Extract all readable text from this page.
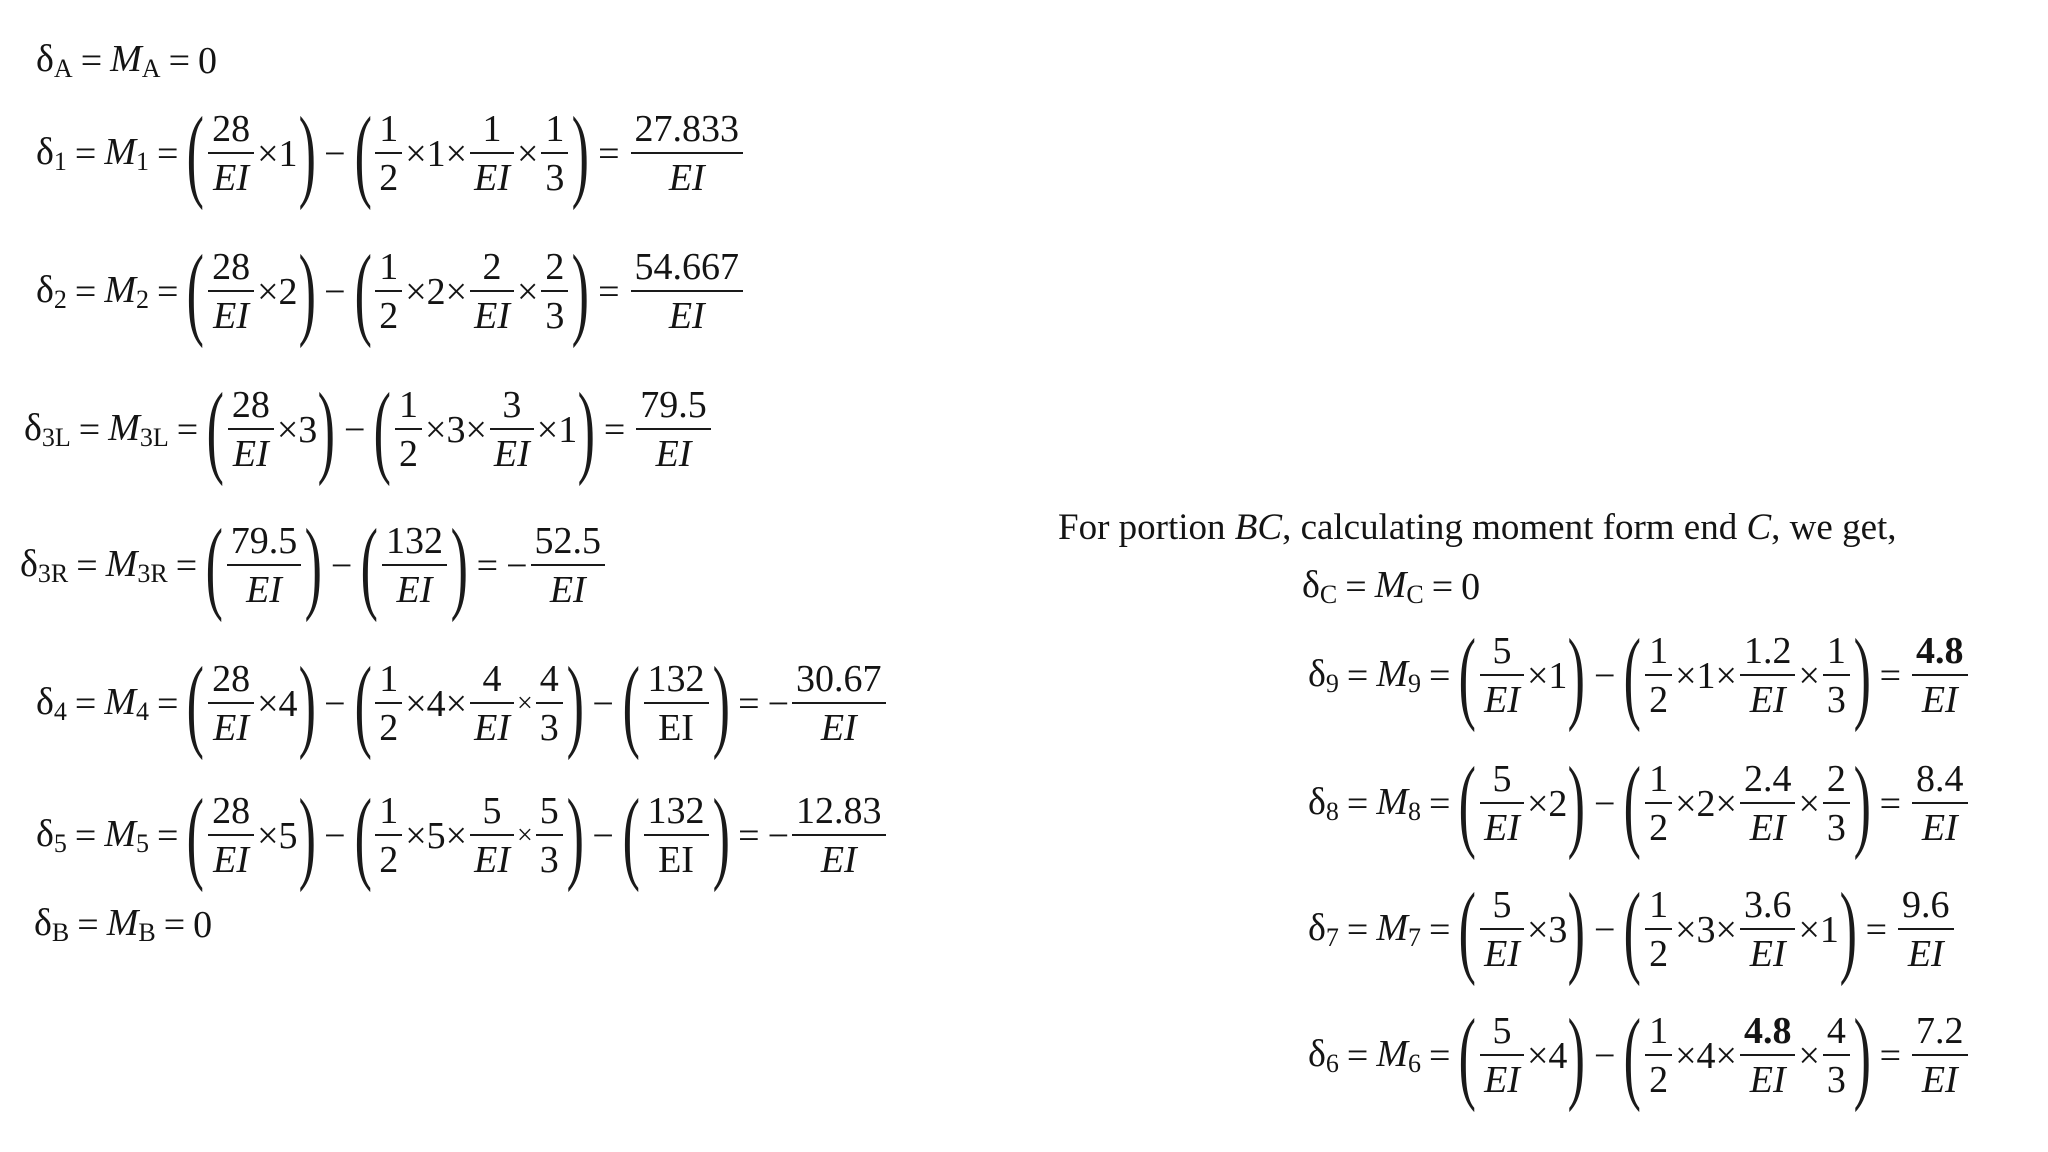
$\delta_A = M_A = 0$
$\delta_1 = M_1$ = ( $\frac{28}{EI} \times 1$ ) − ( $\frac{1}{2} \times 1 \times \frac{1}{EI} \times \frac{1}{3}$ ) = $\frac{27.833}{EI}$
$\delta_2 = M_2$ = ( $\frac{28}{EI} \times 2$ ) − ( $\frac{1}{2} \times 2 \times \frac{2}{EI} \times \frac{2}{3}$ ) = $\frac{54.667}{EI}$
$\delta_{3L} = M_{3L}$ = ( $\frac{28}{EI} \times 3$ ) − ( $\frac{1}{2} \times 3 \times \frac{3}{EI} \times 1$ ) = $\frac{79.5}{EI}$
$\delta_{3R} = M_{3R}$ = ( $\frac{79.5}{EI}$ ) − ( $\frac{132}{EI}$ ) = − $\frac{52.5}{EI}$
$\delta_4 = M_4$ = ( $\frac{28}{EI} \times 4$ ) − ( $\frac{1}{2} \times 4 \times \frac{4}{EI} \times \frac{4}{3}$ ) − ( $\frac{132}{EI}$ ) = − $\frac{30.67}{EI}$
$\delta_5 = M_5$ = ( $\frac{28}{EI} \times 5$ ) − ( $\frac{1}{2} \times 5 \times \frac{5}{EI} \times \frac{5}{3}$ ) − ( $\frac{132}{EI}$ ) = − $\frac{12.83}{EI}$
$\delta_B = M_B = 0$
For portion BC, calculating moment form end C, we get,
$\delta_C = M_C = 0$
$\delta_9 = M_9$ = ( $\frac{5}{EI} \times 1$ ) − ( $\frac{1}{2} \times 1 \times \frac{1.2}{EI} \times \frac{1}{3}$ ) = $\frac{4.8}{EI}$
$\delta_8 = M_8$ = ( $\frac{5}{EI} \times 2$ ) − ( $\frac{1}{2} \times 2 \times \frac{2.4}{EI} \times \frac{2}{3}$ ) = $\frac{8.4}{EI}$
$\delta_7 = M_7$ = ( $\frac{5}{EI} \times 3$ ) − ( $\frac{1}{2} \times 3 \times \frac{3.6}{EI} \times 1$ ) = $\frac{9.6}{EI}$
$\delta_6 = M_6$ = ( $\frac{5}{EI} \times 4$ ) − ( $\frac{1}{2} \times 4 \times \frac{4.8}{EI} \times \frac{4}{3}$ ) = $\frac{7.2}{EI}$
